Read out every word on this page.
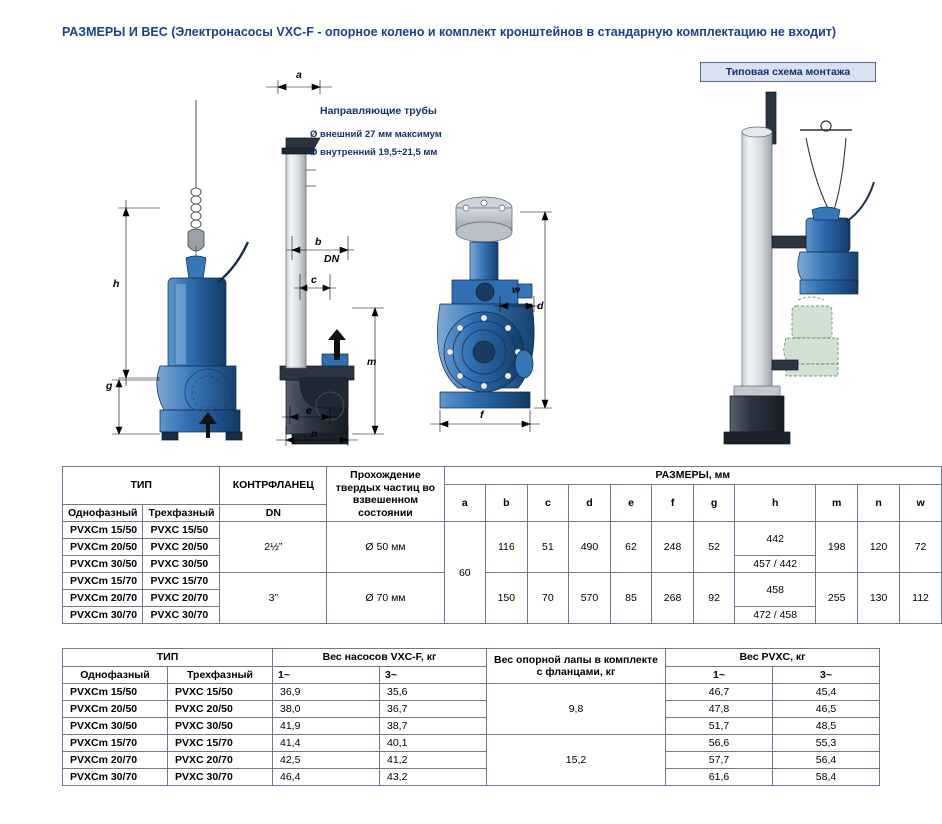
РАЗМЕРЫ И ВЕС (Электронасосы VXC-F - опорное колено и комплект кронштейнов в стандарную комплектацию не входит)
Типовая схема монтажа
a
h
g
b
c
DN
m
e
n
w
d
f
Направляющие трубы
Ø внешний 27 мм максимум
Ø внутренний 19,5÷21,5 мм
ТИП		КОНТРФЛАНЕЦ	Прохождение твердых частиц во взвешенном состоянии	РАЗМЕРЫ, мм										
				a	b	c	d	e	f	g	h	m	n	w
Однофазный	Трехфазный	DN												
PVXCm 15/50	PVXC 15/50	2½”	Ø 50 мм	60	116	51	490	62	248	52	442	198	120	72
PVXCm 20/50	PVXC 20/50													
PVXCm 30/50	PVXC 30/50										457 / 442			
PVXCm 15/70	PVXC 15/70	3”	Ø 70 мм		150	70	570	85	268	92	458	255	130	112
PVXCm 20/70	PVXC 20/70													
PVXCm 30/70	PVXC 30/70										472 / 458			
ТИП		Вес насосов VXC-F, кг		Вес опорной лапы в комплекте с фланцами, кг	Вес PVXC, кг	
Однофазный	Трехфазный	1~	3~		1~	3~
PVXCm 15/50	PVXC 15/50	36,9	35,6	9,8	46,7	45,4
PVXCm 20/50	PVXC 20/50	38,0	36,7		47,8	46,5
PVXCm 30/50	PVXC 30/50	41,9	38,7		51,7	48,5
PVXCm 15/70	PVXC 15/70	41,4	40,1	15,2	56,6	55,3
PVXCm 20/70	PVXC 20/70	42,5	41,2		57,7	56,4
PVXCm 30/70	PVXC 30/70	46,4	43,2		61,6	58,4
